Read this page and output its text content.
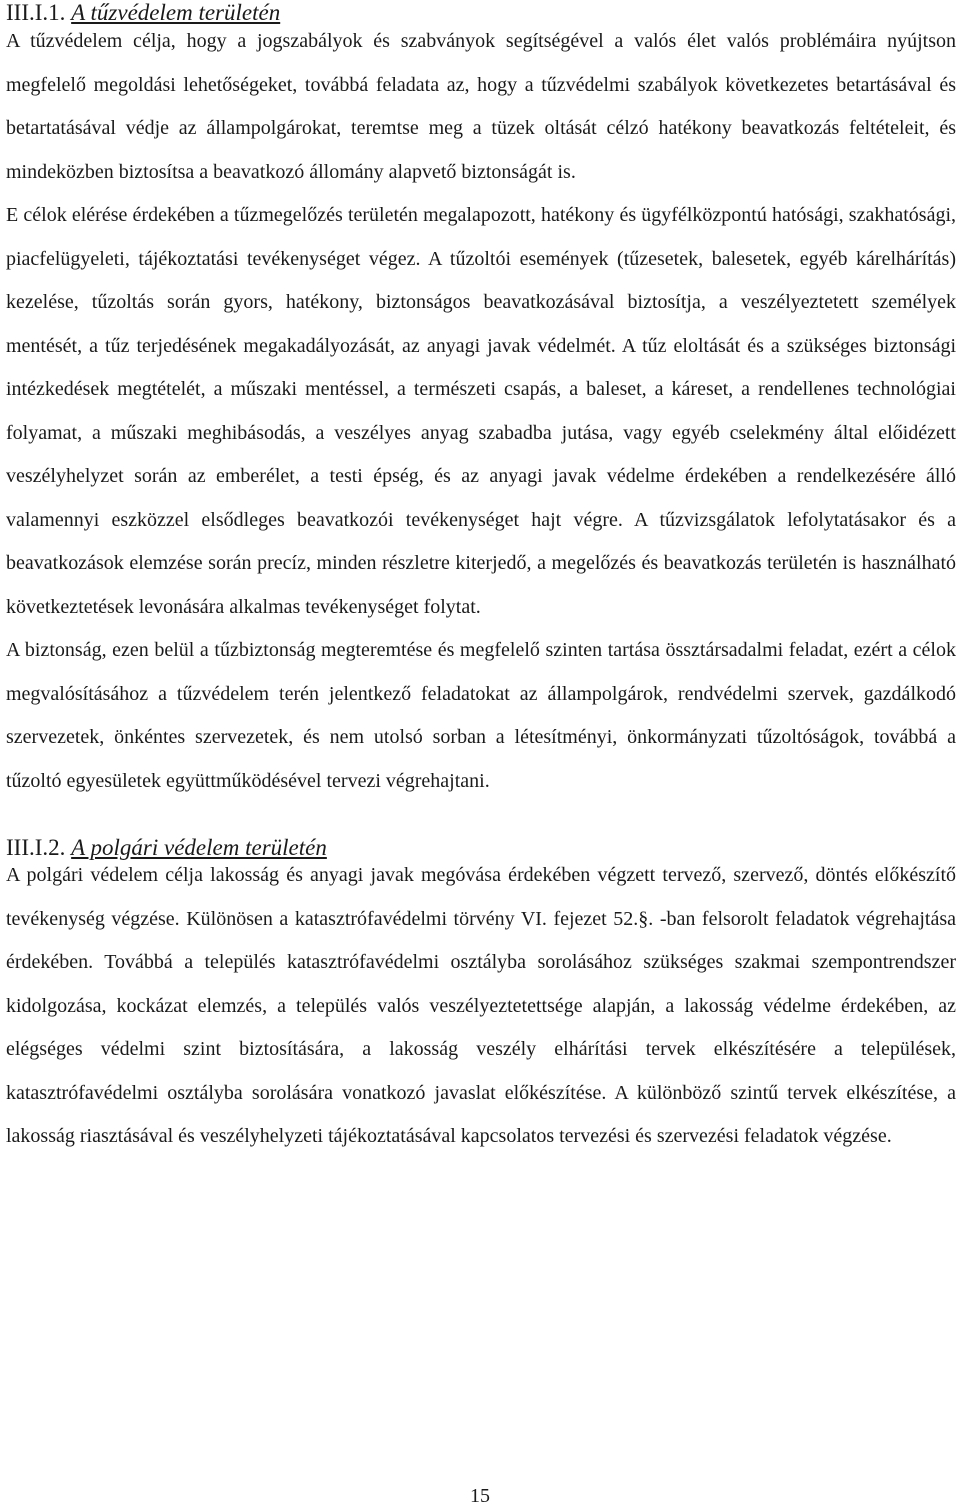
III.I.1. A tűzvédelem területén

A tűzvédelem célja, hogy a jogszabályok és szabványok segítségével a valós élet valós problémáira nyújtson megfelelő megoldási lehetőségeket, továbbá feladata az, hogy a tűzvédelmi szabályok következetes betartásával és betartatásával védje az állampolgárokat, teremtse meg a tüzek oltását célzó hatékony beavatkozás feltételeit, és mindeközben biztosítsa a beavatkozó állomány alapvető biztonságát is.

E célok elérése érdekében a tűzmegelőzés területén megalapozott, hatékony és ügyfélközpontú hatósági, szakhatósági, piacfelügyeleti, tájékoztatási tevékenységet végez. A tűzoltói események (tűzesetek, balesetek, egyéb kárelhárítás) kezelése, tűzoltás során gyors, hatékony, biztonságos beavatkozásával biztosítja, a veszélyeztetett személyek mentését, a tűz terjedésének megakadályozását, az anyagi javak védelmét. A tűz eloltását és a szükséges biztonsági intézkedések megtételét, a műszaki mentéssel, a természeti csapás, a baleset, a káreset, a rendellenes technológiai folyamat, a műszaki meghibásodás, a veszélyes anyag szabadba jutása, vagy egyéb cselekmény által előidézett veszélyhelyzet során az emberélet, a testi épség, és az anyagi javak védelme érdekében a rendelkezésére álló valamennyi eszközzel elsődleges beavatkozói tevékenységet hajt végre. A tűzvizsgálatok lefolytatásakor és a beavatkozások elemzése során precíz, minden részletre kiterjedő, a megelőzés és beavatkozás területén is használható következtetések levonására alkalmas tevékenységet folytat.

A biztonság, ezen belül a tűzbiztonság megteremtése és megfelelő szinten tartása össztársadalmi feladat, ezért a célok megvalósításához a tűzvédelem terén jelentkező feladatokat az állampolgárok, rendvédelmi szervek, gazdálkodó szervezetek, önkéntes szervezetek, és nem utolsó sorban a létesítményi, önkormányzati tűzoltóságok, továbbá a tűzoltó egyesületek együttműködésével tervezi végrehajtani.

III.I.2. A polgári védelem területén

A polgári védelem célja lakosság és anyagi javak megóvása érdekében végzett tervező, szervező, döntés előkészítő tevékenység végzése. Különösen a katasztrófavédelmi törvény VI. fejezet 52.§. -ban felsorolt feladatok végrehajtása érdekében. Továbbá a település katasztrófavédelmi osztályba sorolásához szükséges szakmai szempontrendszer kidolgozása, kockázat elemzés, a település valós veszélyeztetettsége alapján, a lakosság védelme érdekében, az elégséges védelmi szint biztosítására, a lakosság veszély elhárítási tervek elkészítésére a települések, katasztrófavédelmi osztályba sorolására vonatkozó javaslat előkészítése. A különböző szintű tervek elkészítése, a lakosság riasztásával és veszélyhelyzeti tájékoztatásával kapcsolatos tervezési és szervezési feladatok végzése.

15
